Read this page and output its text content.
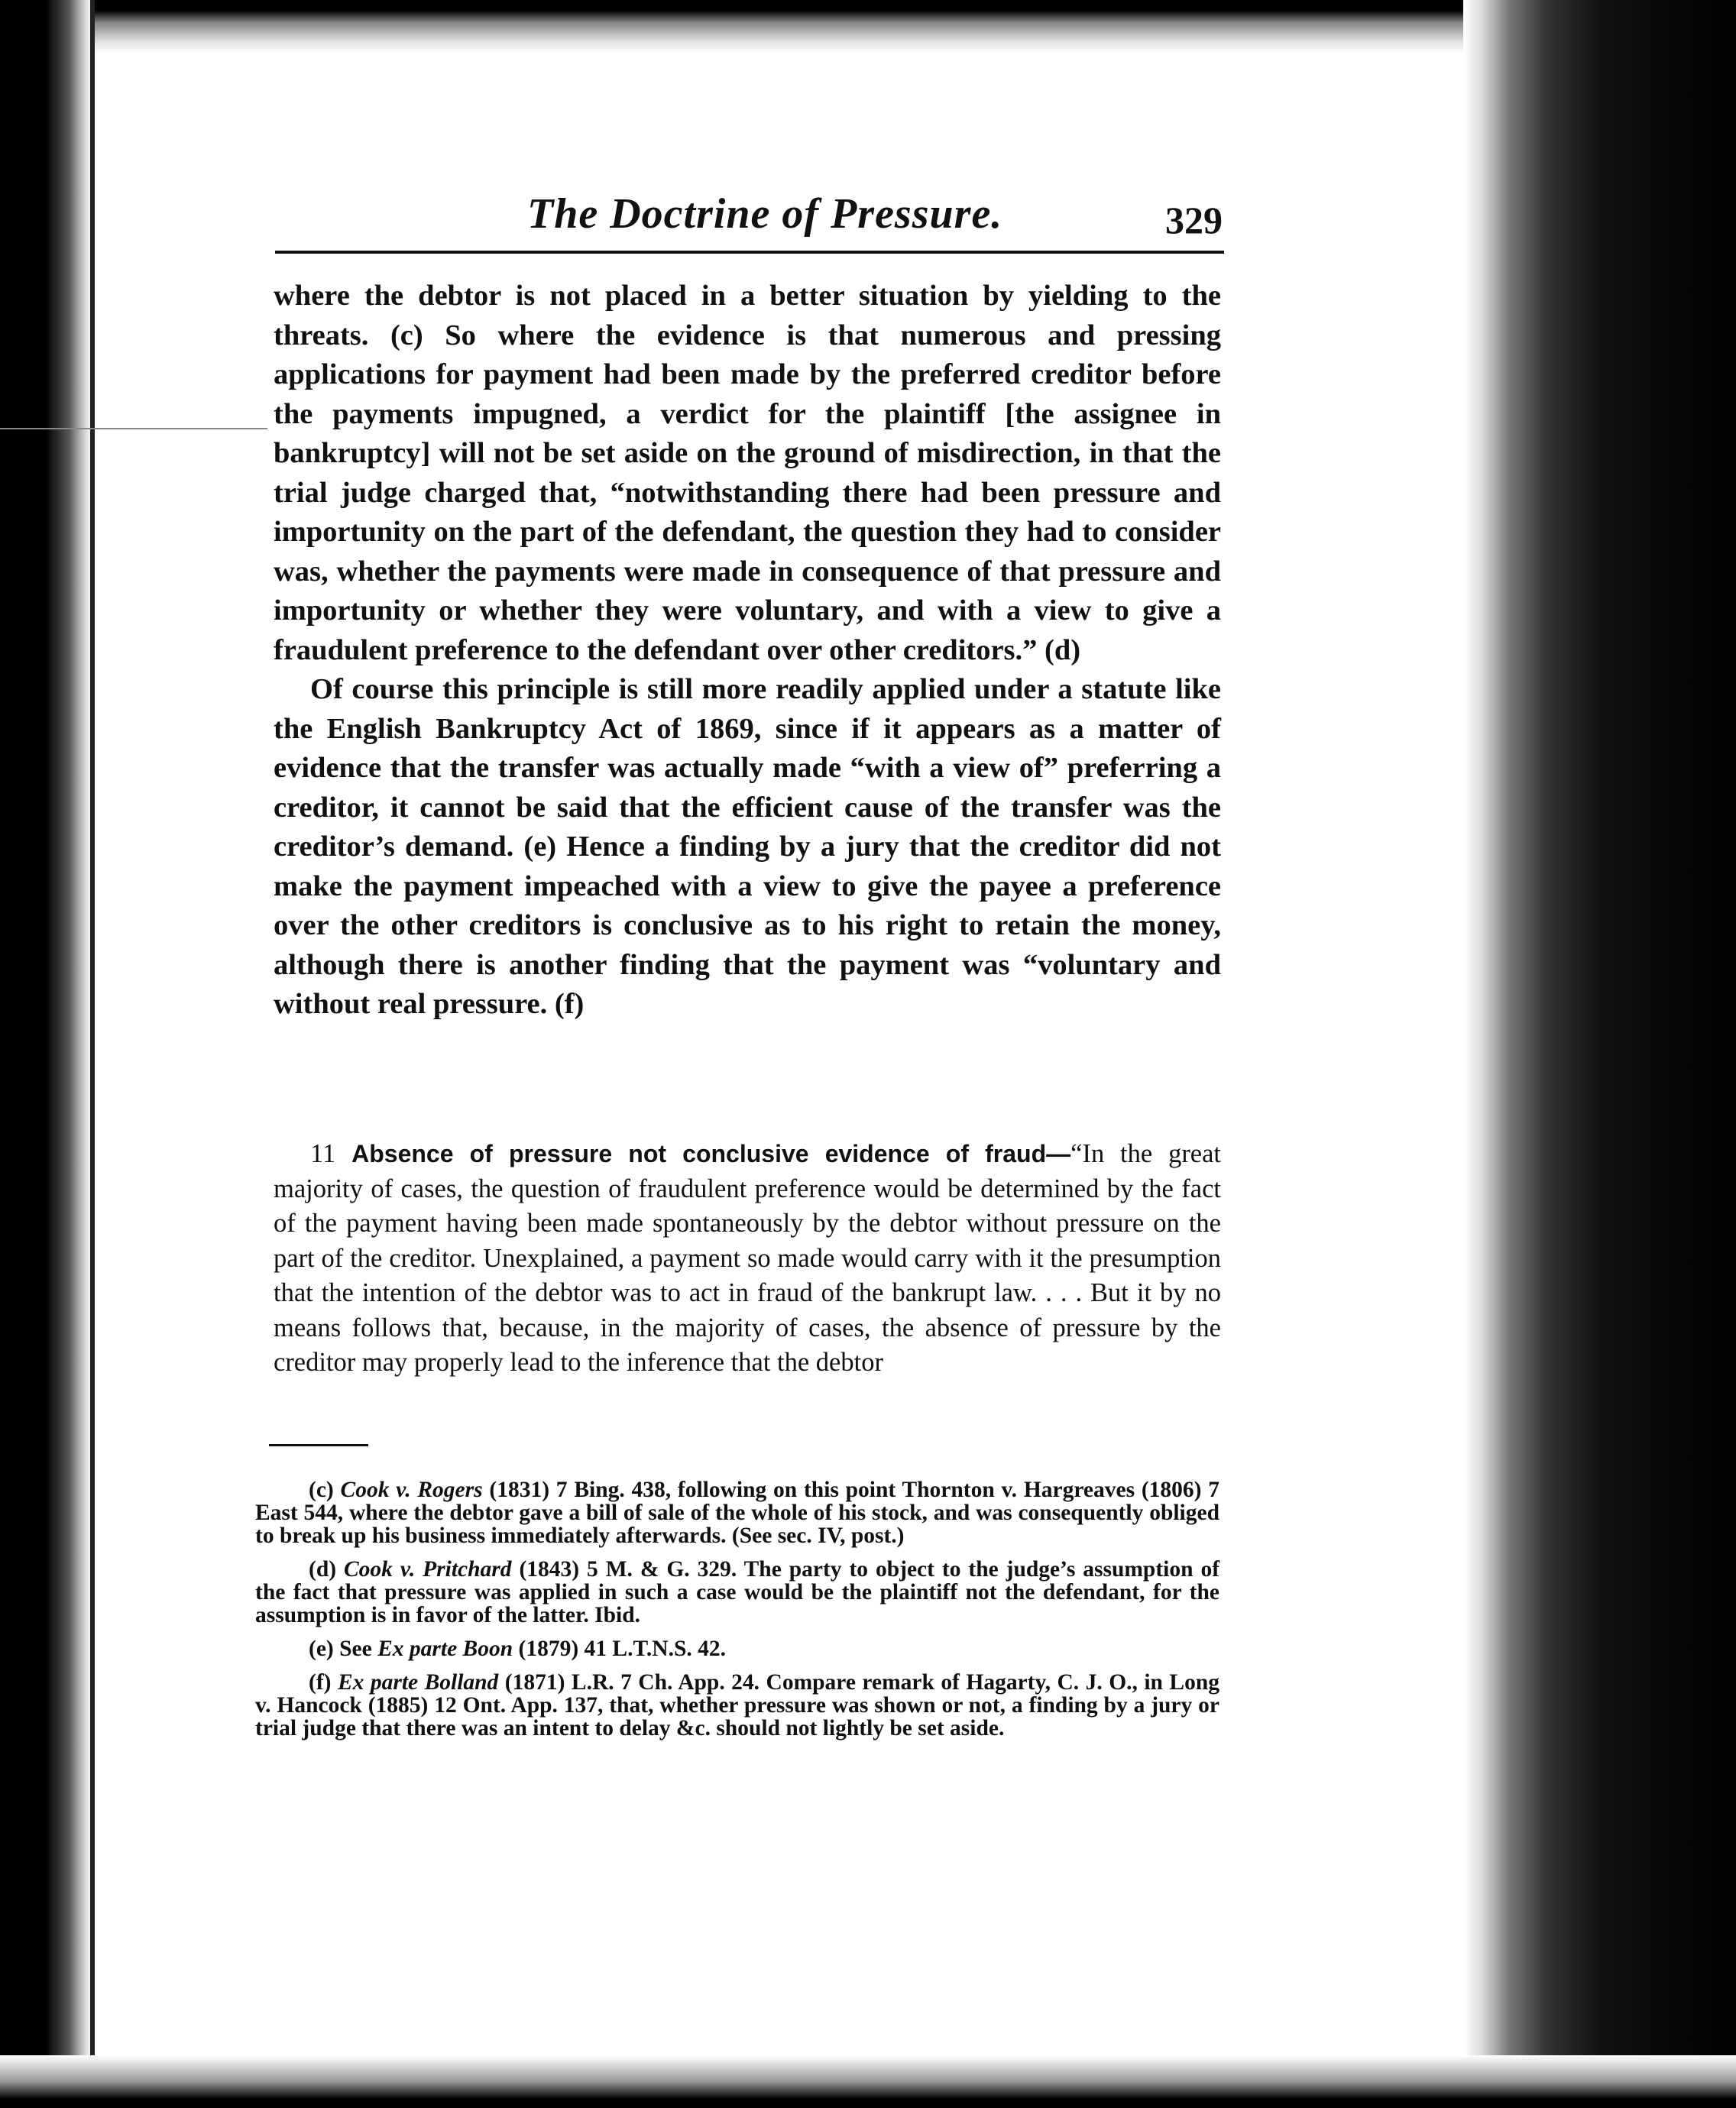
The Doctrine of Pressure.	329

where the debtor is not placed in a better situation by yielding to the threats. (c) So where the evidence is that numerous and pressing applications for payment had been made by the preferred creditor before the payments impugned, a verdict for the plaintiff [the assignee in bankruptcy] will not be set aside on the ground of misdirection, in that the trial judge charged that, “notwithstanding there had been pressure and importunity on the part of the defendant, the question they had to consider was, whether the payments were made in consequence of that pressure and importunity or whether they were voluntary, and with a view to give a fraudulent preference to the defendant over other creditors.” (d)

Of course this principle is still more readily applied under a statute like the English Bankruptcy Act of 1869, since if it appears as a matter of evidence that the transfer was actually made “with a view of” preferring a creditor, it cannot be said that the efficient cause of the transfer was the creditor’s demand. (e) Hence a finding by a jury that the creditor did not make the payment impeached with a view to give the payee a preference over the other creditors is conclusive as to his right to retain the money, although there is another finding that the payment was “voluntary and without real pressure. (f)

11 Absence of pressure not conclusive evidence of fraud—“In the great majority of cases, the question of fraudulent preference would be determined by the fact of the payment having been made spontaneously by the debtor without pressure on the part of the creditor. Unexplained, a payment so made would carry with it the presumption that the intention of the debtor was to act in fraud of the bankrupt law. . . . But it by no means follows that, because, in the majority of cases, the absence of pressure by the creditor may properly lead to the inference that the debtor

(c) Cook v. Rogers (1831) 7 Bing. 438, following on this point Thornton v. Hargreaves (1806) 7 East 544, where the debtor gave a bill of sale of the whole of his stock, and was consequently obliged to break up his business immediately afterwards. (See sec. IV, post.)

(d) Cook v. Pritchard (1843) 5 M. & G. 329. The party to object to the judge’s assumption of the fact that pressure was applied in such a case would be the plaintiff not the defendant, for the assumption is in favor of the latter. Ibid.

(e) See Ex parte Boon (1879) 41 L.T.N.S. 42.

(f) Ex parte Bolland (1871) L.R. 7 Ch. App. 24. Compare remark of Hagarty, C. J. O., in Long v. Hancock (1885) 12 Ont. App. 137, that, whether pressure was shown or not, a finding by a jury or trial judge that there was an intent to delay &c. should not lightly be set aside.
